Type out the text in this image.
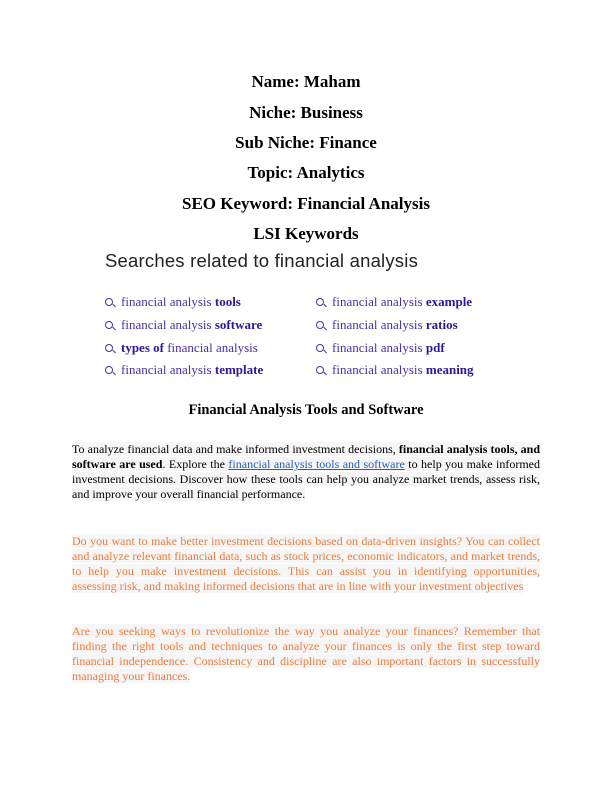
Name: Maham
Niche: Business
Sub Niche: Finance
Topic: Analytics
SEO Keyword: Financial Analysis
LSI Keywords
Searches related to financial analysis
Financial Analysis Tools and Software
To analyze financial data and make informed investment decisions, financial analysis tools, and software are used. Explore the financial analysis tools and software to help you make informed investment decisions. Discover how these tools can help you analyze market trends, assess risk, and improve your overall financial performance.
Do you want to make better investment decisions based on data-driven insights? You can collect and analyze relevant financial data, such as stock prices, economic indicators, and market trends, to help you make investment decisions. This can assist you in identifying opportunities, assessing risk, and making informed decisions that are in line with your investment objectives
Are you seeking ways to revolutionize the way you analyze your finances? Remember that finding the right tools and techniques to analyze your finances is only the first step toward financial independence. Consistency and discipline are also important factors in successfully managing your finances.
financial analysis tools
financial analysis software
types of financial analysis
financial analysis template
financial analysis example
financial analysis ratios
financial analysis pdf
financial analysis meaning
